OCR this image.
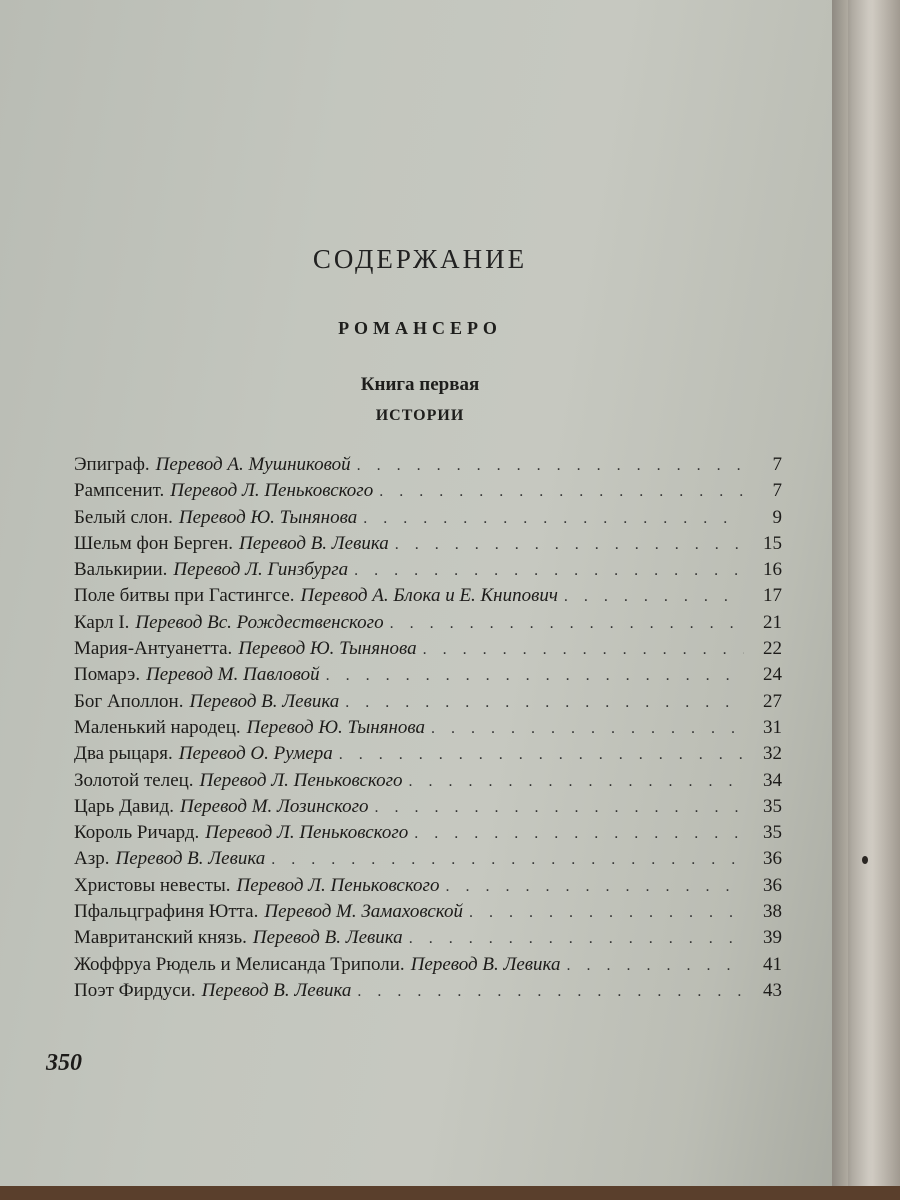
СОДЕРЖАНИЕ
РОМАНСЕРО
Книга первая
ИСТОРИИ
Эпиграф. Перевод А. Мушниковой . . .	7
Рампсенит. Перевод Л. Пеньковского . . .	7
Белый слон. Перевод Ю. Тынянова . . .	9
Шельм фон Берген. Перевод В. Левика . . .	15
Валькирии. Перевод Л. Гинзбурга . . .	16
Поле битвы при Гастингсе. Перевод А. Блока и Е. Книпович . . .	17
Карл I. Перевод Вс. Рождественского . . .	21
Мария-Антуанетта. Перевод Ю. Тынянова . . .	22
Помарэ. Перевод М. Павловой . . .	24
Бог Аполлон. Перевод В. Левика . . .	27
Маленький народец. Перевод Ю. Тынянова . . .	31
Два рыцаря. Перевод О. Румера . . .	32
Золотой телец. Перевод Л. Пеньковского . . .	34
Царь Давид. Перевод М. Лозинского . . .	35
Король Ричард. Перевод Л. Пеньковского . . .	35
Азр. Перевод В. Левика . . .	36
Христовы невесты. Перевод Л. Пеньковского . . .	36
Пфальцграфиня Ютта. Перевод М. Замаховской . . .	38
Мавританский князь. Перевод В. Левика . . .	39
Жоффруа Рюдель и Мелисанда Триполи. Перевод В. Левика . . .	41
Поэт Фирдуси. Перевод В. Левика . . .	43
350
